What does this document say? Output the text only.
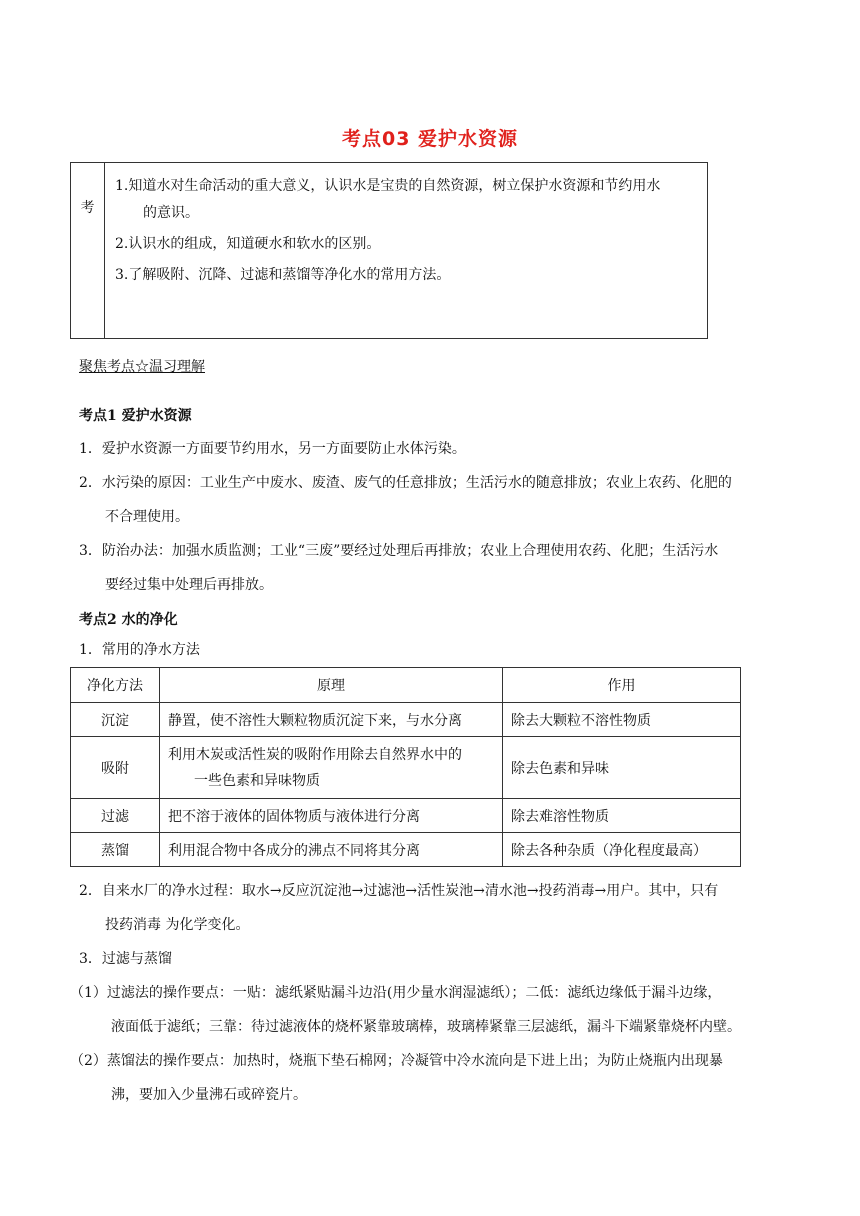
考点03 爱护水资源
考
1.知道水对生命活动的重大意义，认识水是宝贵的自然资源，树立保护水资源和节约用水
的意识。
2.认识水的组成，知道硬水和软水的区别。
3.了解吸附、沉降、过滤和蒸馏等净化水的常用方法。
聚焦考点☆温习理解
考点1 爱护水资源
1．爱护水资源一方面要节约用水，另一方面要防止水体污染。
2．水污染的原因：工业生产中废水、废渣、废气的任意排放；生活污水的随意排放；农业上农药、化肥的
不合理使用。
3．防治办法：加强水质监测；工业“三废”要经过处理后再排放；农业上合理使用农药、化肥；生活污水
要经过集中处理后再排放。
考点2 水的净化
1．常用的净水方法
净化方法	原理	作用
沉淀	静置，使不溶性大颗粒物质沉淀下来，与水分离	除去大颗粒不溶性物质
吸附	利用木炭或活性炭的吸附作用除去自然界水中的
一些色素和异味物质	除去色素和异味
过滤	把不溶于液体的固体物质与液体进行分离	除去难溶性物质
蒸馏	利用混合物中各成分的沸点不同将其分离	除去各种杂质（净化程度最高）
2．自来水厂的净水过程：取水→反应沉淀池→过滤池→活性炭池→清水池→投药消毒→用户。其中，只有
投药消毒 为化学变化。
3．过滤与蒸馏
（1）过滤法的操作要点：一贴：滤纸紧贴漏斗边沿(用少量水润湿滤纸）；二低：滤纸边缘低于漏斗边缘，
液面低于滤纸；三靠：待过滤液体的烧杯紧靠玻璃棒，玻璃棒紧靠三层滤纸，漏斗下端紧靠烧杯内壁。
（2）蒸馏法的操作要点：加热时，烧瓶下垫石棉网；冷凝管中冷水流向是下进上出；为防止烧瓶内出现暴
沸，要加入少量沸石或碎瓷片。
